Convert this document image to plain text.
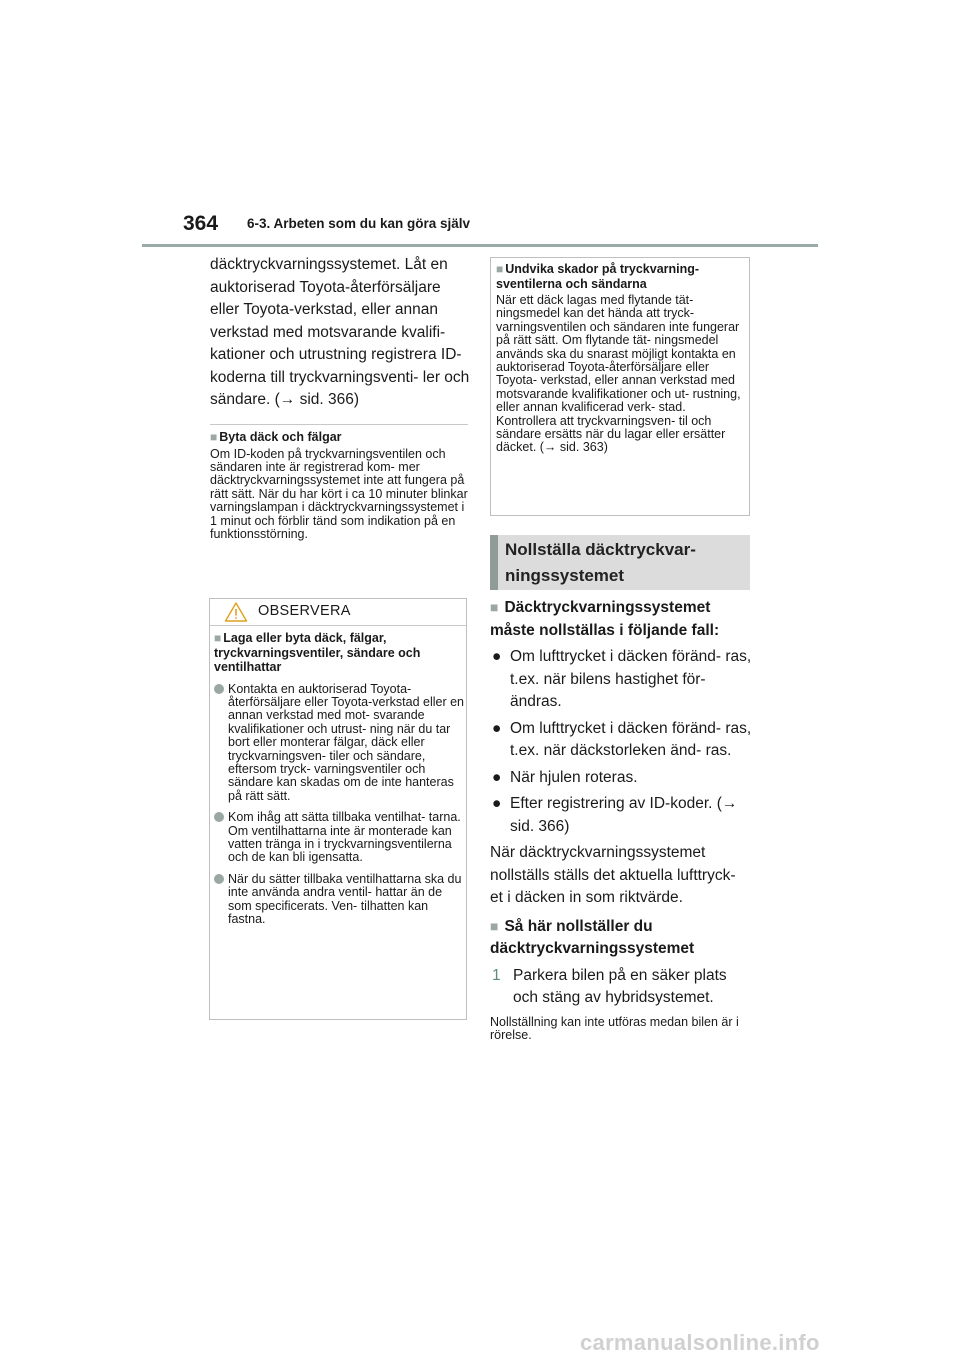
364 6-3. Arbeten som du kan göra själv
däcktryckvarningssystemet. Låt en auktoriserad Toyota-återförsäljare eller Toyota-verkstad, eller annan verkstad med motsvarande kvalifi- kationer och utrustning registrera ID-koderna till tryckvarningsventi- ler och sändare. (→ sid. 366)
■ Byta däck och fälgar
Om ID-koden på tryckvarningsventilen och sändaren inte är registrerad kom- mer däcktryckvarningssystemet inte att fungera på rätt sätt. När du har kört i ca 10 minuter blinkar varningslampan i däcktryckvarningssystemet i 1 minut och förblir tänd som indikation på en funktionsstörning.
OBSERVERA
■ Laga eller byta däck, fälgar, tryckvarningsventiler, sändare och ventilhattar
Kontakta en auktoriserad Toyota- återförsäljare eller Toyota-verkstad eller en annan verkstad med mot- svarande kvalifikationer och utrust- ning när du tar bort eller monterar fälgar, däck eller tryckvarningsven- tiler och sändare, eftersom tryck- varningsventiler och sändare kan skadas om de inte hanteras på rätt sätt.
Kom ihåg att sätta tillbaka ventilhat- tarna. Om ventilhattarna inte är monterade kan vatten tränga in i tryckvarningsventilerna och de kan bli igensatta.
När du sätter tillbaka ventilhattarna ska du inte använda andra ventil- hattar än de som specificerats. Ven- tilhatten kan fastna.
■ Undvika skador på tryckvarning- sventilerna och sändarna
När ett däck lagas med flytande tät- ningsmedel kan det hända att tryck- varningsventilen och sändaren inte fungerar på rätt sätt. Om flytande tät- ningsmedel används ska du snarast möjligt kontakta en auktoriserad Toyota-återförsäljare eller Toyota- verkstad, eller annan verkstad med motsvarande kvalifikationer och ut- rustning, eller annan kvalificerad verk- stad. Kontrollera att tryckvarningsven- til och sändare ersätts när du lagar eller ersätter däcket. (→ sid. 363)
Nollställa däcktryckvar- ningssystemet
■ Däcktryckvarningssystemet måste nollställas i följande fall:
● Om lufttrycket i däcken föränd- ras, t.ex. när bilens hastighet för- ändras.
● Om lufttrycket i däcken föränd- ras, t.ex. när däckstorleken änd- ras.
● När hjulen roteras.
● Efter registrering av ID-koder. (→ sid. 366)
När däcktryckvarningssystemet nollställs ställs det aktuella lufttryck- et i däcken in som riktvärde.
■ Så här nollställer du däcktryckvarningssystemet
1 Parkera bilen på en säker plats och stäng av hybridsystemet.
Nollställning kan inte utföras medan bilen är i rörelse.
carmanualsonline.info
